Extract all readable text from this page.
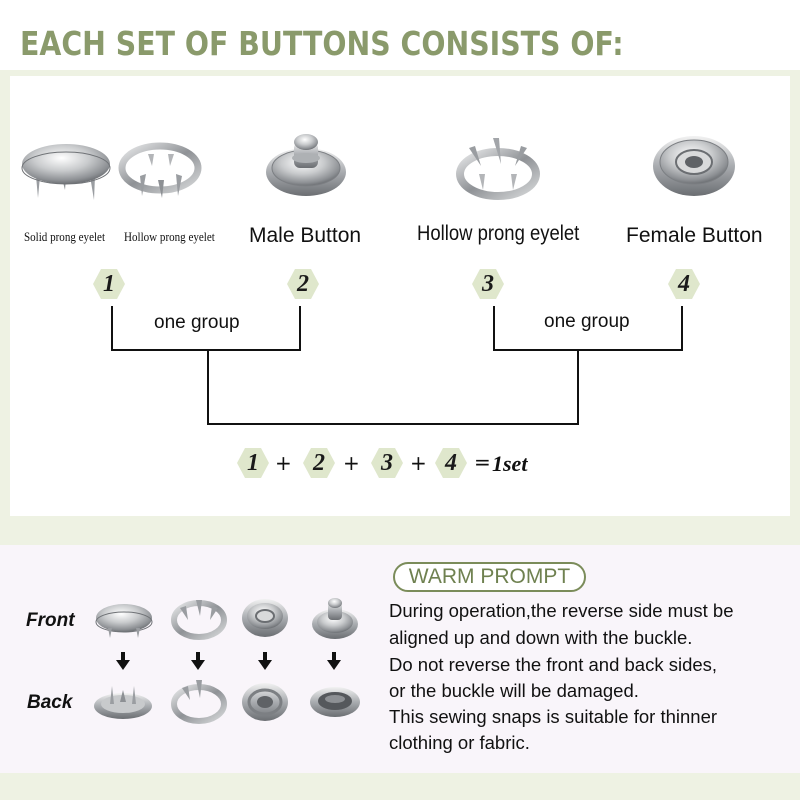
EACH SET OF BUTTONS CONSISTS OF:
Solid prong eyelet Hollow prong eyelet Male Button	Hollow prong eyelet Female Button
1	2	3	4
one group	one group
1 + 2 + 3 + 4 = 1set
Front
Back
WARM PROMPT
During operation,the reverse side must be
aligned up and down with the buckle.
Do not reverse the front and back sides,
or the buckle will be damaged.
This sewing snaps is suitable for thinner
clothing or fabric.
